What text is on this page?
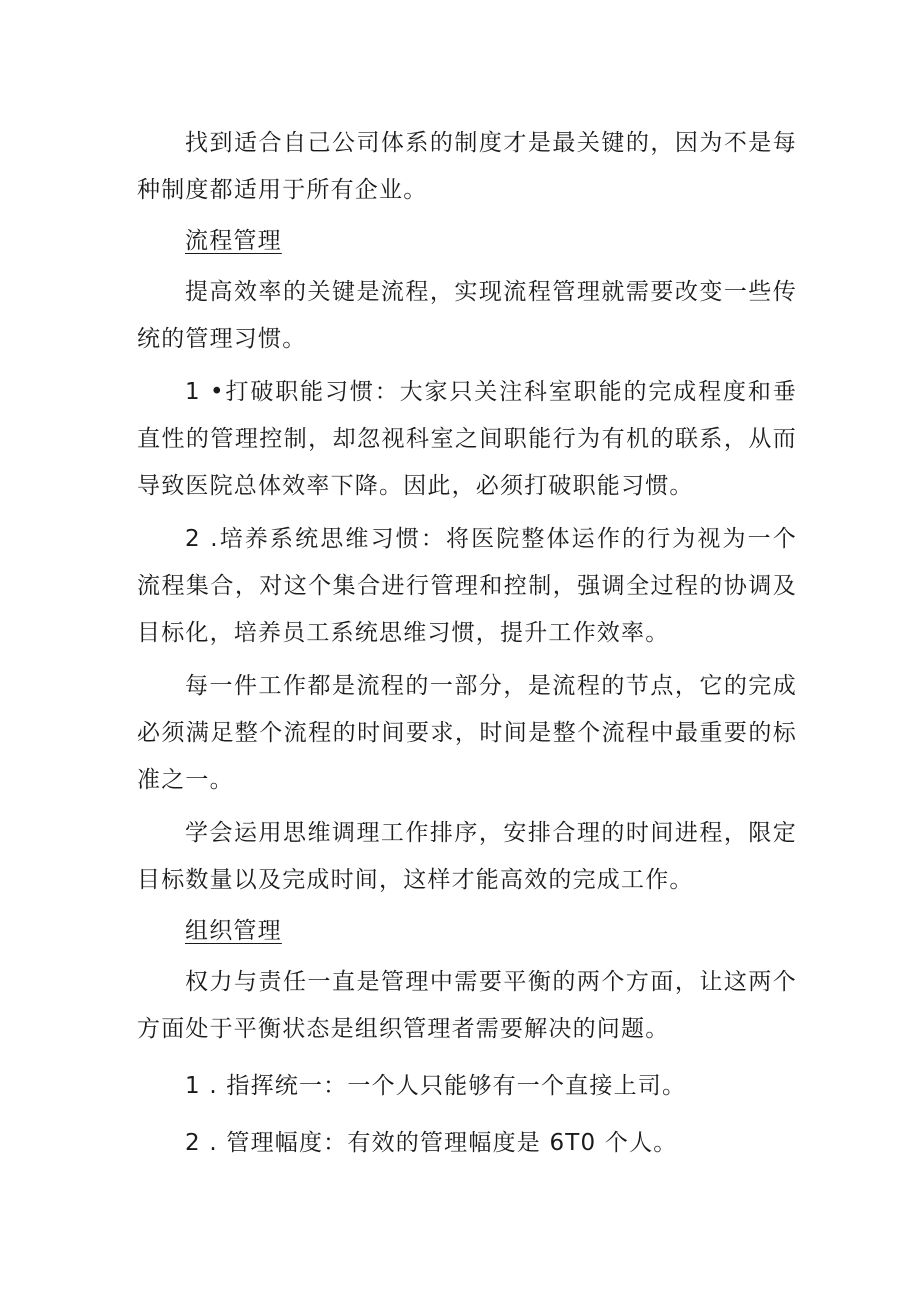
找到适合自己公司体系的制度才是最关键的，因为不是每种制度都适用于所有企业。

流程管理

提高效率的关键是流程，实现流程管理就需要改变一些传统的管理习惯。

1 •打破职能习惯：大家只关注科室职能的完成程度和垂直性的管理控制，却忽视科室之间职能行为有机的联系，从而导致医院总体效率下降。因此，必须打破职能习惯。

2 .培养系统思维习惯：将医院整体运作的行为视为一个流程集合，对这个集合进行管理和控制，强调全过程的协调及目标化，培养员工系统思维习惯，提升工作效率。

每一件工作都是流程的一部分，是流程的节点，它的完成必须满足整个流程的时间要求，时间是整个流程中最重要的标准之一。

学会运用思维调理工作排序，安排合理的时间进程，限定目标数量以及完成时间，这样才能高效的完成工作。

组织管理

权力与责任一直是管理中需要平衡的两个方面，让这两个方面处于平衡状态是组织管理者需要解决的问题。

1 . 指挥统一：一个人只能够有一个直接上司。

2 . 管理幅度：有效的管理幅度是 6T0 个人。
